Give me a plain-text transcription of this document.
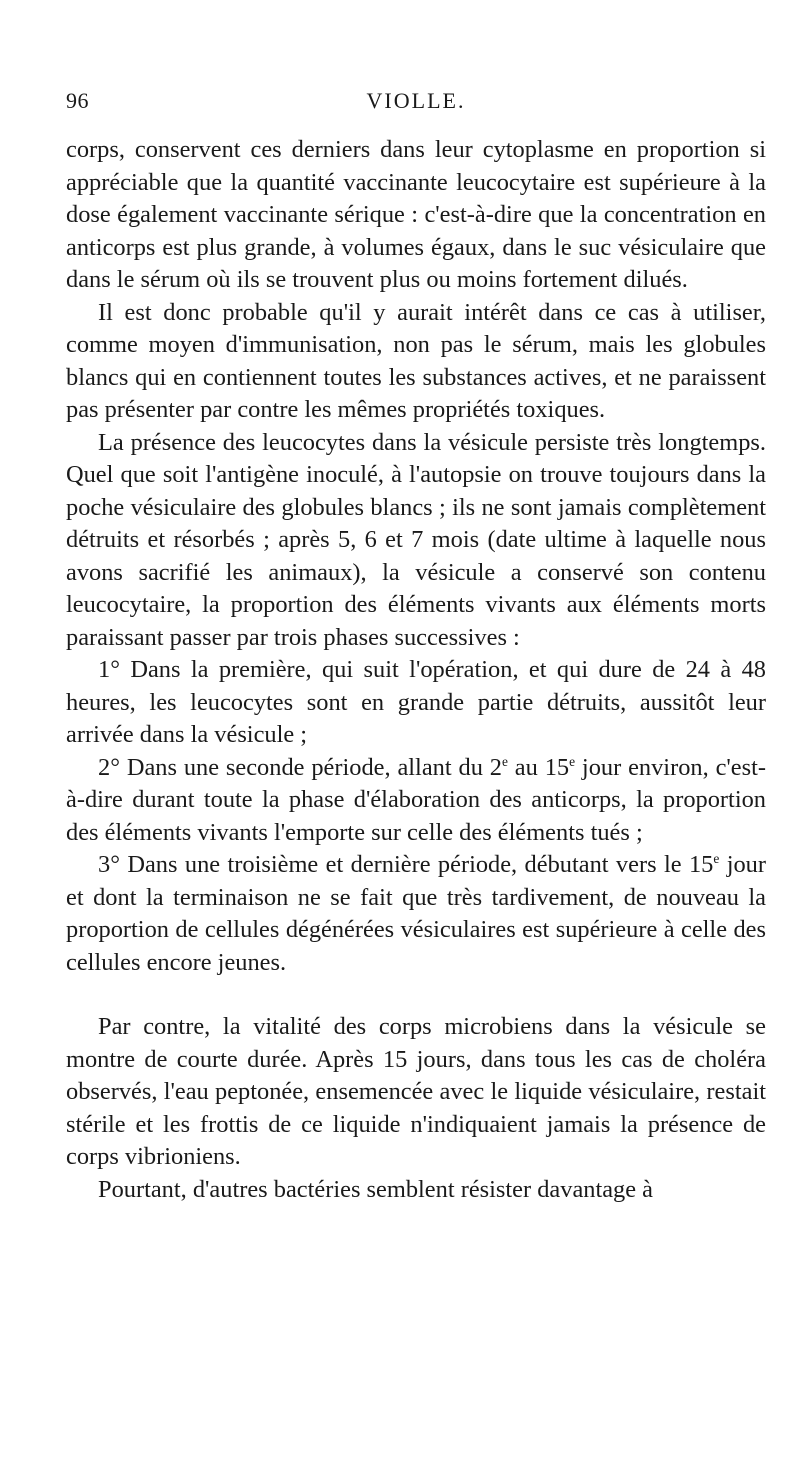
96	VIOLLE.

corps, conservent ces derniers dans leur cytoplasme en proportion si appréciable que la quantité vaccinante leucocytaire est supérieure à la dose également vaccinante sérique : c'est-à-dire que la concentration en anticorps est plus grande, à volumes égaux, dans le suc vésiculaire que dans le sérum où ils se trouvent plus ou moins fortement dilués.

Il est donc probable qu'il y aurait intérêt dans ce cas à utiliser, comme moyen d'immunisation, non pas le sérum, mais les globules blancs qui en contiennent toutes les substances actives, et ne paraissent pas présenter par contre les mêmes propriétés toxiques.

La présence des leucocytes dans la vésicule persiste très longtemps. Quel que soit l'antigène inoculé, à l'autopsie on trouve toujours dans la poche vésiculaire des globules blancs ; ils ne sont jamais complètement détruits et résorbés ; après 5, 6 et 7 mois (date ultime à laquelle nous avons sacrifié les animaux), la vésicule a conservé son contenu leucocytaire, la proportion des éléments vivants aux éléments morts paraissant passer par trois phases successives :

1° Dans la première, qui suit l'opération, et qui dure de 24 à 48 heures, les leucocytes sont en grande partie détruits, aussitôt leur arrivée dans la vésicule ;

2° Dans une seconde période, allant du 2e au 15e jour environ, c'est-à-dire durant toute la phase d'élaboration des anticorps, la proportion des éléments vivants l'emporte sur celle des éléments tués ;

3° Dans une troisième et dernière période, débutant vers le 15e jour et dont la terminaison ne se fait que très tardivement, de nouveau la proportion de cellules dégénérées vésiculaires est supérieure à celle des cellules encore jeunes.

Par contre, la vitalité des corps microbiens dans la vésicule se montre de courte durée. Après 15 jours, dans tous les cas de choléra observés, l'eau peptonée, ensemencée avec le liquide vésiculaire, restait stérile et les frottis de ce liquide n'indiquaient jamais la présence de corps vibrioniens.

Pourtant, d'autres bactéries semblent résister davantage à
